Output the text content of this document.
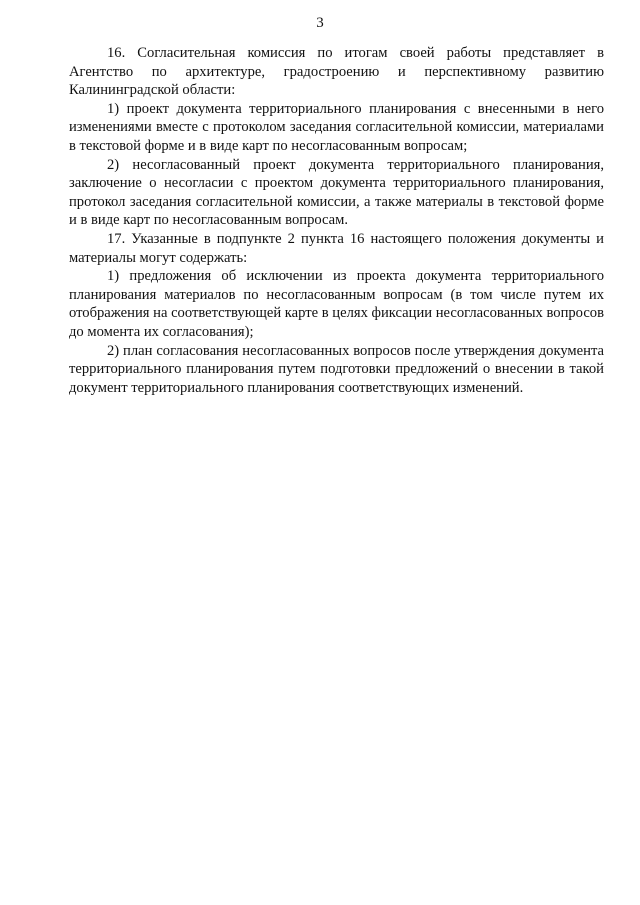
3

16. Согласительная комиссия по итогам своей работы представляет в Агентство по архитектуре, градостроению и перспективному развитию Калининградской области:

1) проект документа территориального планирования с внесенными в него изменениями вместе с протоколом заседания согласительной комиссии, материалами в текстовой форме и в виде карт по несогласованным вопросам;

2) несогласованный проект документа территориального планирования, заключение о несогласии с проектом документа территориального планирования, протокол заседания согласительной комиссии, а также материалы в текстовой форме и в виде карт по несогласованным вопросам.

17. Указанные в подпункте 2 пункта 16 настоящего положения документы и материалы могут содержать:

1) предложения об исключении из проекта документа территориального планирования материалов по несогласованным вопросам (в том числе путем их отображения на соответствующей карте в целях фиксации несогласованных вопросов до момента их согласования);

2) план согласования несогласованных вопросов после утверждения документа территориального планирования путем подготовки предложений о внесении в такой документ территориального планирования соответствующих изменений.
